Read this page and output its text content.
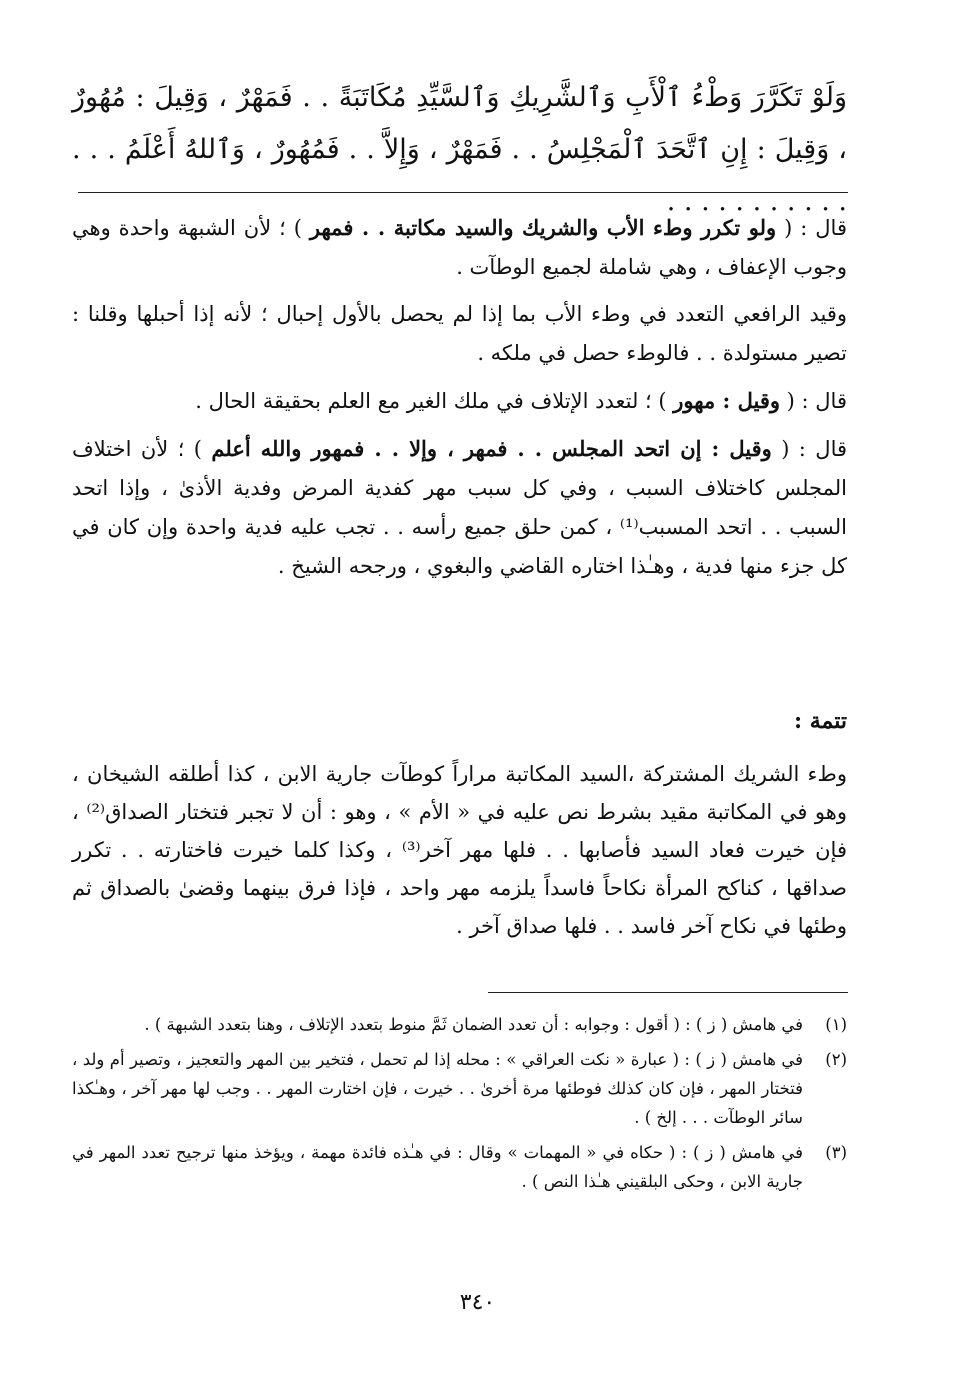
وَلَوْ تَكَرَّرَ وَطْءُ ٱلْأَبِ وَٱلشَّرِيكِ وَٱلسَّيِّدِ مُكَاتَبَةً . . فَمَهْرٌ ، وَقِيلَ : مُهُورٌ ، وَقِيلَ : إِنِ ٱتَّحَدَ ٱلْمَجْلِسُ . . فَمَهْرٌ ، وَإِلاَّ . . فَمُهُورٌ ، وَٱللهُ أَعْلَمُ . . . . . . . . . . . . . .

قال : ( ولو تكرر وطء الأب والشريك والسيد مكاتبة . . فمهر ) ؛ لأن الشبهة واحدة وهي وجوب الإعفاف ، وهي شاملة لجميع الوطآت .

وقيد الرافعي التعدد في وطء الأب بما إذا لم يحصل بالأول إحبال ؛ لأنه إذا أحبلها وقلنا : تصير مستولدة . . فالوطء حصل في ملكه .

قال : ( وقيل : مهور ) ؛ لتعدد الإتلاف في ملك الغير مع العلم بحقيقة الحال .

قال : ( وقيل : إن اتحد المجلس . . فمهر ، وإلا . . فمهور والله أعلم ) ؛ لأن اختلاف المجلس كاختلاف السبب ، وفي كل سبب مهر كفدية المرض وفدية الأذىٰ ، وإذا اتحد السبب . . اتحد المسبب⁽¹⁾ ، كمن حلق جميع رأسه . . تجب عليه فدية واحدة وإن كان في كل جزء منها فدية ، وهـٰذا اختاره القاضي والبغوي ، ورجحه الشيخ .

تتمة :

وطء الشريك المشتركة ،السيد المكاتبة مراراً كوطآت جارية الابن ، كذا أطلقه الشيخان ، وهو في المكاتبة مقيد بشرط نص عليه في « الأم » ، وهو : أن لا تجبر فتختار الصداق⁽²⁾ ، فإن خيرت فعاد السيد فأصابها . . فلها مهر آخر⁽³⁾ ، وكذا كلما خيرت فاختارته . . تكرر صداقها ، كناكح المرأة نكاحاً فاسداً يلزمه مهر واحد ، فإذا فرق بينهما وقضىٰ بالصداق ثم وطئها في نكاح آخر فاسد . . فلها صداق آخر .

(١)
في هامش ( ز ) : ( أقول : وجوابه : أن تعدد الضمان ثَمَّ منوط بتعدد الإتلاف ، وهنا بتعدد الشبهة ) .
(٢)
في هامش ( ز ) : ( عبارة « نكت العراقي » : محله إذا لم تحمل ، فتخير بين المهر والتعجيز ، وتصير أم ولد ، فتختار المهر ، فإن كان كذلك فوطئها مرة أخرىٰ . . خيرت ، فإن اختارت المهر . . وجب لها مهر آخر ، وهـٰكذا سائر الوطآت . . . إلخ ) .
(٣)
في هامش ( ز ) : ( حكاه في « المهمات » وقال : في هـٰذه فائدة مهمة ، ويؤخذ منها ترجيح تعدد المهر في جارية الابن ، وحكى البلقيني هـٰذا النص ) .
٣٤٠
